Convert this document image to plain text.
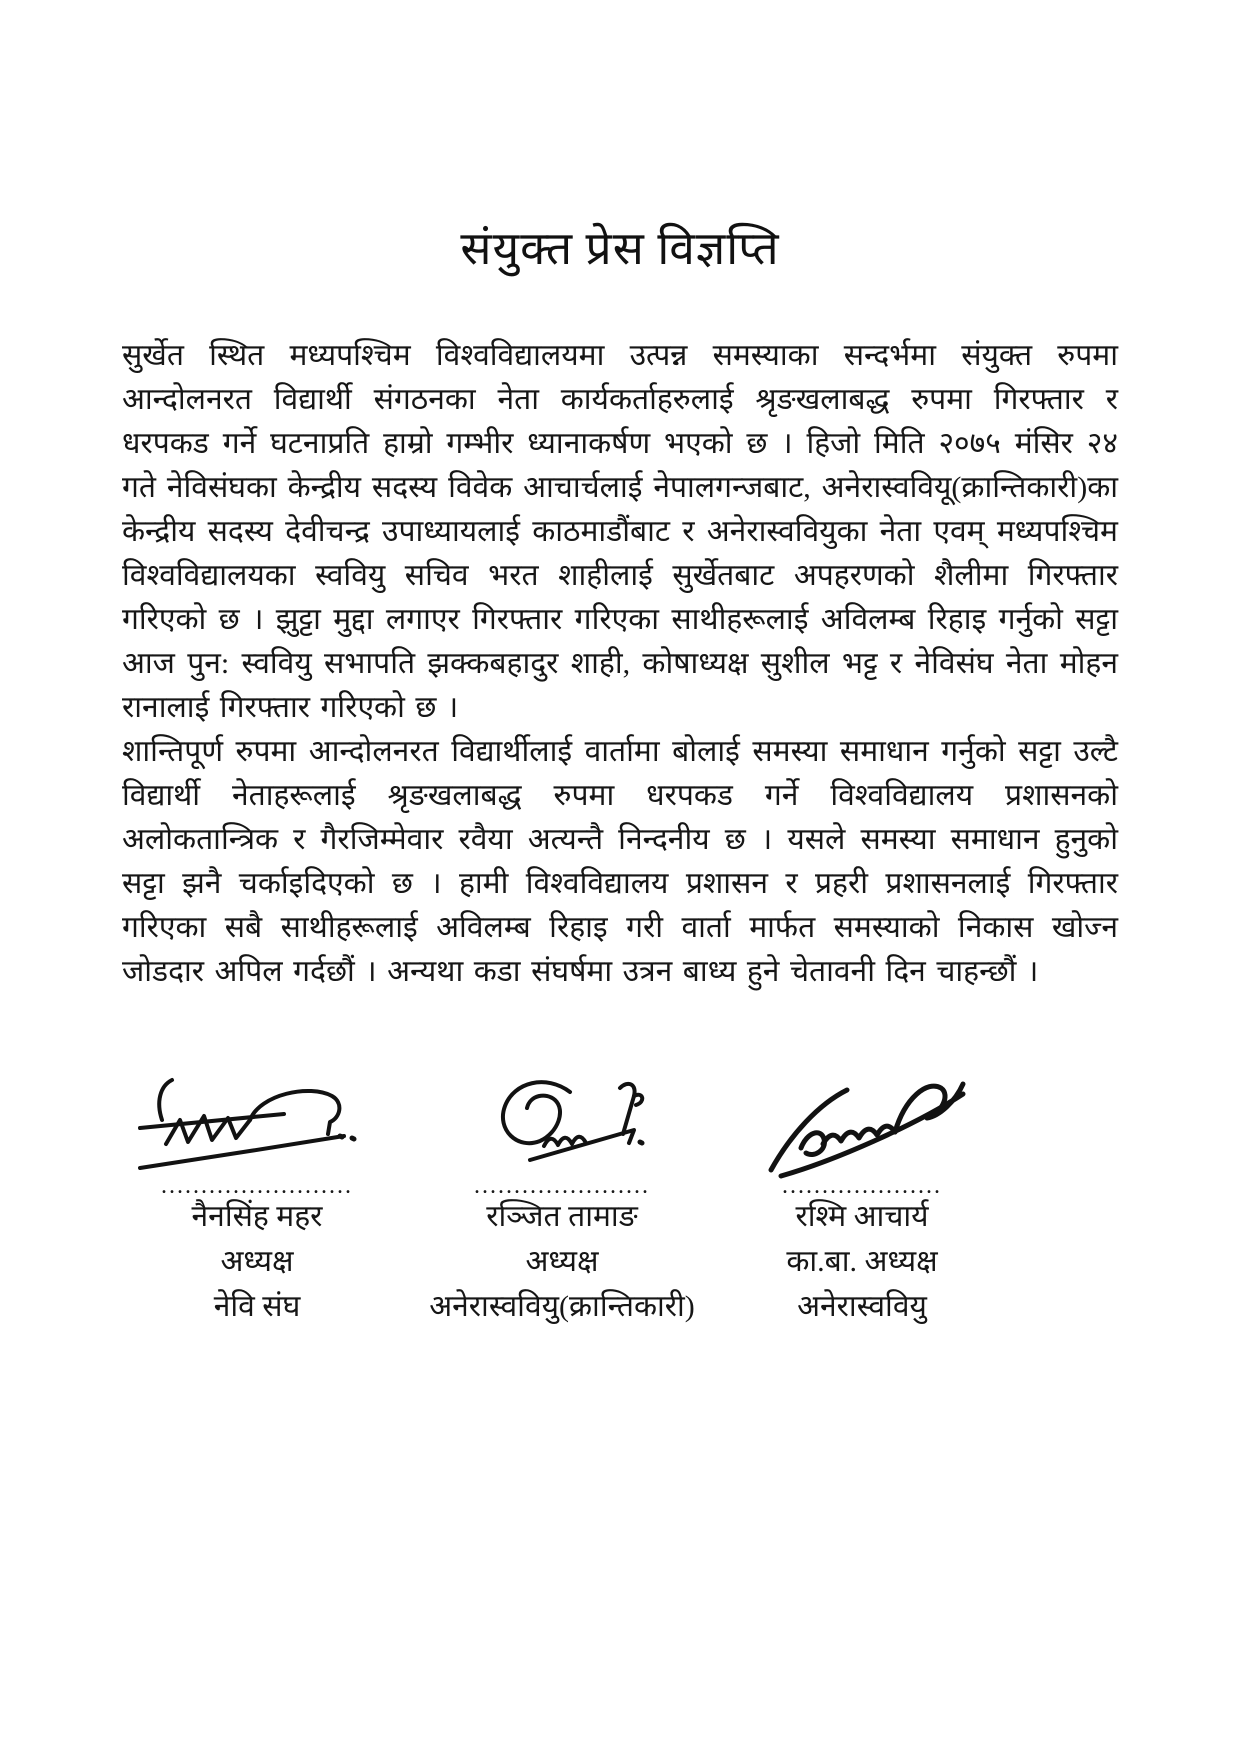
संयुक्त प्रेस विज्ञप्ति

सुर्खेत स्थित मध्यपश्चिम विश्वविद्यालयमा उत्पन्न समस्याका सन्दर्भमा संयुक्त रुपमा आन्दोलनरत विद्यार्थी संगठनका नेता कार्यकर्ताहरुलाई श्रृङखलाबद्ध रुपमा गिरफ्तार र धरपकड गर्ने घटनाप्रति हाम्रो गम्भीर ध्यानाकर्षण भएको छ । हिजो मिति २०७५ मंसिर २४ गते नेविसंघका केन्द्रीय सदस्य विवेक आचार्चलाई नेपालगन्जबाट, अनेरास्ववियू(क्रान्तिकारी)का केन्द्रीय सदस्य देवीचन्द्र उपाध्यायलाई काठमाडौंबाट र अनेरास्ववियुका नेता एवम् मध्यपश्चिम विश्वविद्यालयका स्ववियु सचिव भरत शाहीलाई सुर्खेतबाट अपहरणको शैलीमा गिरफ्तार गरिएको छ । झुट्टा मुद्दा लगाएर गिरफ्तार गरिएका साथीहरूलाई अविलम्ब रिहाइ गर्नुको सट्टा आज पुन: स्ववियु सभापति झक्कबहादुर शाही, कोषाध्यक्ष सुशील भट्ट र नेविसंघ नेता मोहन रानालाई गिरफ्तार गरिएको छ ।

शान्तिपूर्ण रुपमा आन्दोलनरत विद्यार्थीलाई वार्तामा बोलाई समस्या समाधान गर्नुको सट्टा उल्टै विद्यार्थी नेताहरूलाई श्रृङखलाबद्ध रुपमा धरपकड गर्ने विश्वविद्यालय प्रशासनको अलोकतान्त्रिक र गैरजिम्मेवार रवैया अत्यन्तै निन्दनीय छ । यसले समस्या समाधान हुनुको सट्टा झनै चर्काइदिएको छ । हामी विश्वविद्यालय प्रशासन र प्रहरी प्रशासनलाई गिरफ्तार गरिएका सबै साथीहरूलाई अविलम्ब रिहाइ गरी वार्ता मार्फत समस्याको निकास खोज्न जोडदार अपिल गर्दछौं । अन्यथा कडा संघर्षमा उत्रन बाध्य हुने चेतावनी दिन चाहन्छौं ।

........................
नैनसिंह महर
अध्यक्ष
नेवि संघ
......................
रञ्जित तामाङ
अध्यक्ष
अनेरास्ववियु(क्रान्तिकारी)
....................
रश्मि आचार्य
का.बा. अध्यक्ष
अनेरास्ववियु
